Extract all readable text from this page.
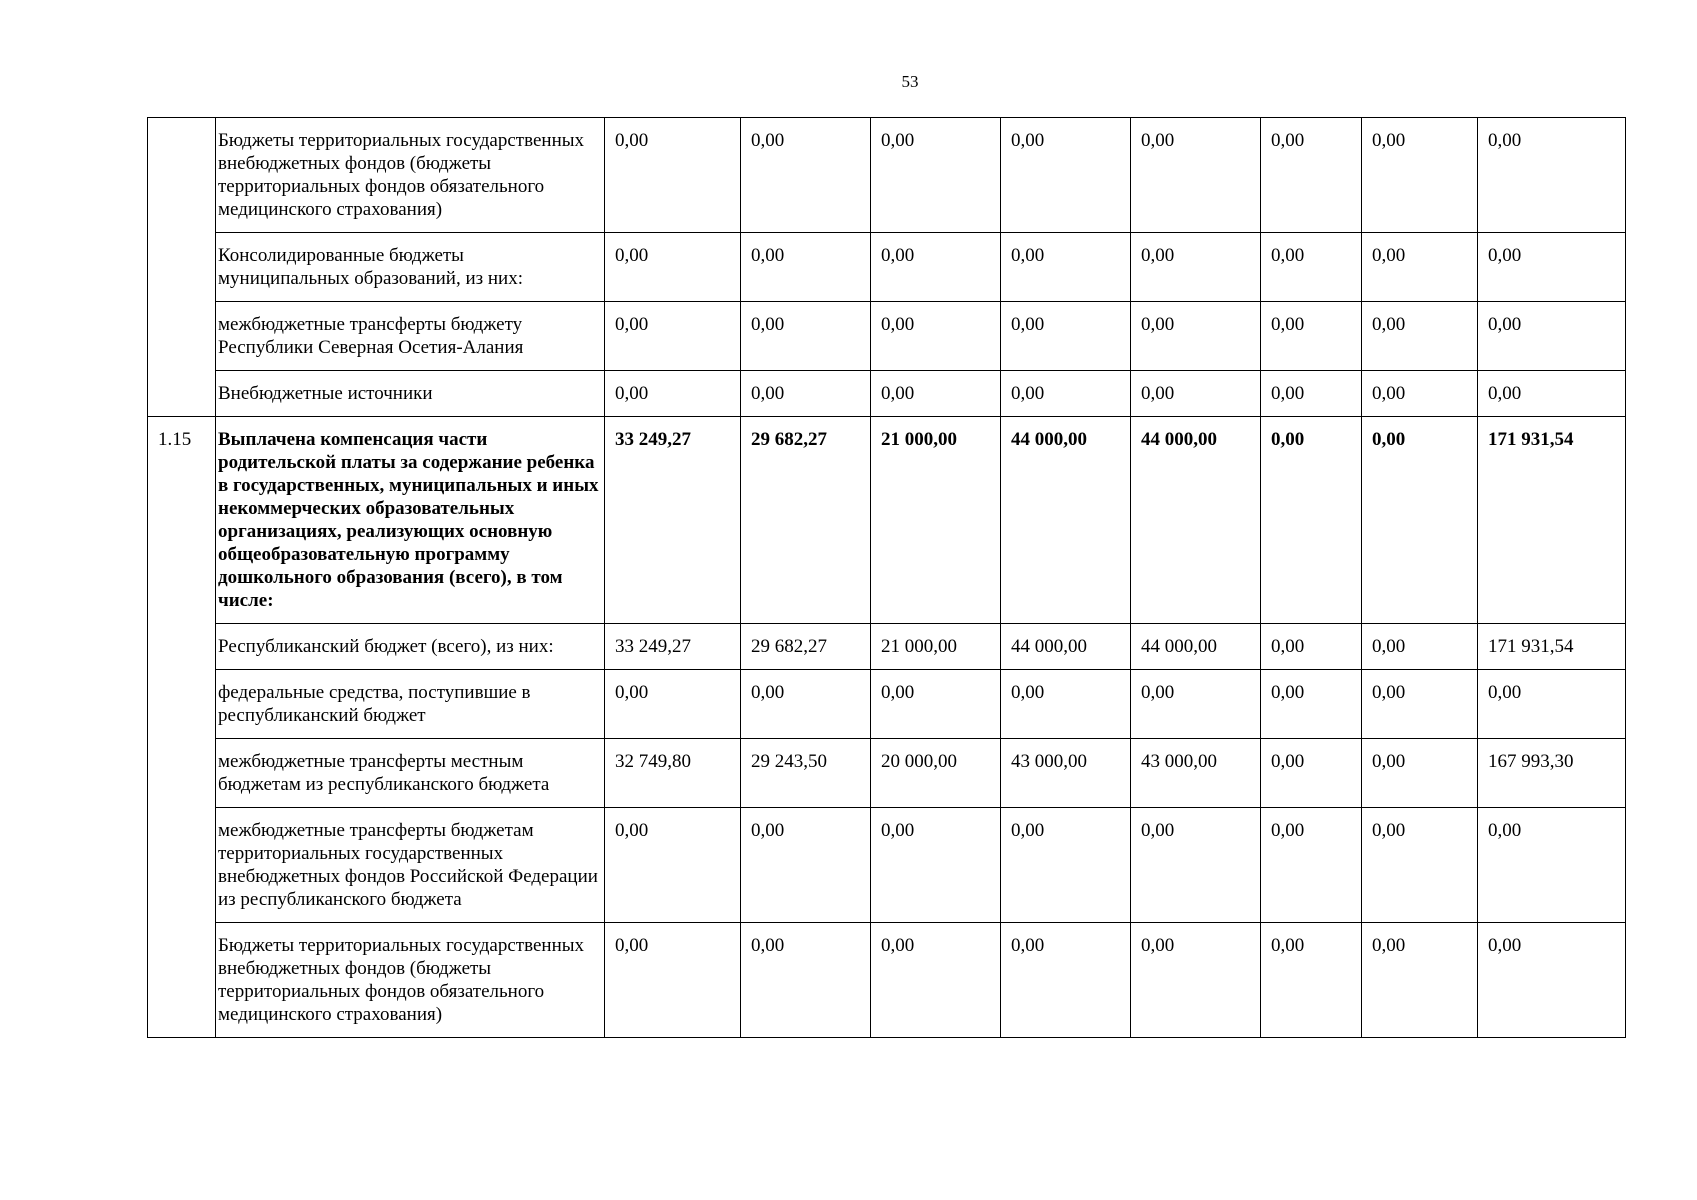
53
	Бюджеты территориальных государственных внебюджетных фондов (бюджеты территориальных фондов обязательного медицинского страхования)	0,00	0,00	0,00	0,00	0,00	0,00	0,00	0,00
	Консолидированные бюджеты муниципальных образований, из них:	0,00	0,00	0,00	0,00	0,00	0,00	0,00	0,00
	межбюджетные трансферты бюджету Республики Северная Осетия-Алания	0,00	0,00	0,00	0,00	0,00	0,00	0,00	0,00
	Внебюджетные источники	0,00	0,00	0,00	0,00	0,00	0,00	0,00	0,00
1.15	Выплачена компенсация части родительской платы за содержание ребенка в государственных, муниципальных и иных некоммерческих образовательных организациях, реализующих основную общеобразовательную программу дошкольного образования (всего), в том числе:	33 249,27	29 682,27	21 000,00	44 000,00	44 000,00	0,00	0,00	171 931,54
	Республиканский бюджет (всего), из них:	33 249,27	29 682,27	21 000,00	44 000,00	44 000,00	0,00	0,00	171 931,54
	федеральные средства, поступившие в республиканский бюджет	0,00	0,00	0,00	0,00	0,00	0,00	0,00	0,00
	межбюджетные трансферты местным бюджетам из республиканского бюджета	32 749,80	29 243,50	20 000,00	43 000,00	43 000,00	0,00	0,00	167 993,30
	межбюджетные трансферты бюджетам территориальных государственных внебюджетных фондов Российской Федерации из республиканского бюджета	0,00	0,00	0,00	0,00	0,00	0,00	0,00	0,00
	Бюджеты территориальных государственных внебюджетных фондов (бюджеты территориальных фондов обязательного медицинского страхования)	0,00	0,00	0,00	0,00	0,00	0,00	0,00	0,00
